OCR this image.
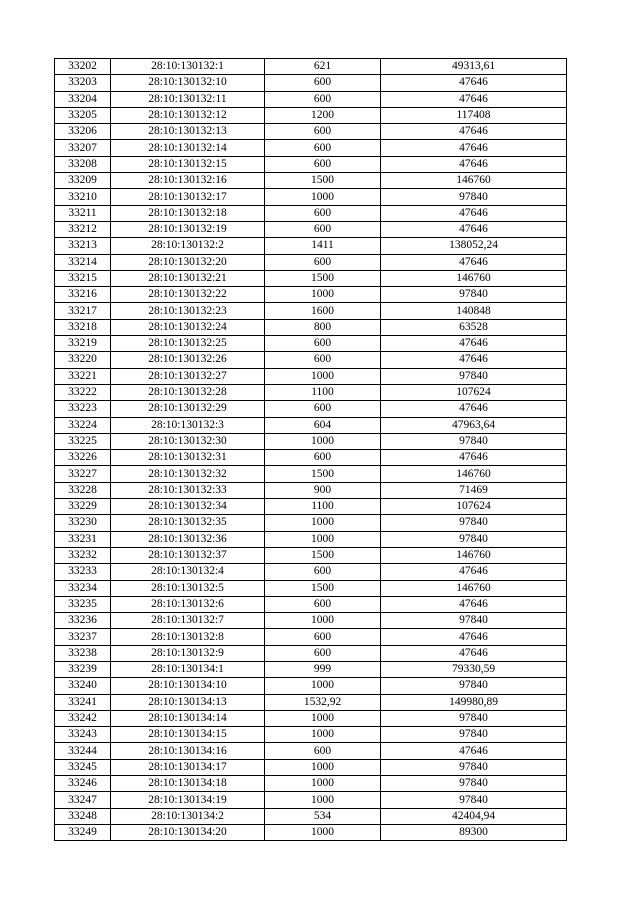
33202	28:10:130132:1	621	49313,61
33203	28:10:130132:10	600	47646
33204	28:10:130132:11	600	47646
33205	28:10:130132:12	1200	117408
33206	28:10:130132:13	600	47646
33207	28:10:130132:14	600	47646
33208	28:10:130132:15	600	47646
33209	28:10:130132:16	1500	146760
33210	28:10:130132:17	1000	97840
33211	28:10:130132:18	600	47646
33212	28:10:130132:19	600	47646
33213	28:10:130132:2	1411	138052,24
33214	28:10:130132:20	600	47646
33215	28:10:130132:21	1500	146760
33216	28:10:130132:22	1000	97840
33217	28:10:130132:23	1600	140848
33218	28:10:130132:24	800	63528
33219	28:10:130132:25	600	47646
33220	28:10:130132:26	600	47646
33221	28:10:130132:27	1000	97840
33222	28:10:130132:28	1100	107624
33223	28:10:130132:29	600	47646
33224	28:10:130132:3	604	47963,64
33225	28:10:130132:30	1000	97840
33226	28:10:130132:31	600	47646
33227	28:10:130132:32	1500	146760
33228	28:10:130132:33	900	71469
33229	28:10:130132:34	1100	107624
33230	28:10:130132:35	1000	97840
33231	28:10:130132:36	1000	97840
33232	28:10:130132:37	1500	146760
33233	28:10:130132:4	600	47646
33234	28:10:130132:5	1500	146760
33235	28:10:130132:6	600	47646
33236	28:10:130132:7	1000	97840
33237	28:10:130132:8	600	47646
33238	28:10:130132:9	600	47646
33239	28:10:130134:1	999	79330,59
33240	28:10:130134:10	1000	97840
33241	28:10:130134:13	1532,92	149980,89
33242	28:10:130134:14	1000	97840
33243	28:10:130134:15	1000	97840
33244	28:10:130134:16	600	47646
33245	28:10:130134:17	1000	97840
33246	28:10:130134:18	1000	97840
33247	28:10:130134:19	1000	97840
33248	28:10:130134:2	534	42404,94
33249	28:10:130134:20	1000	89300
